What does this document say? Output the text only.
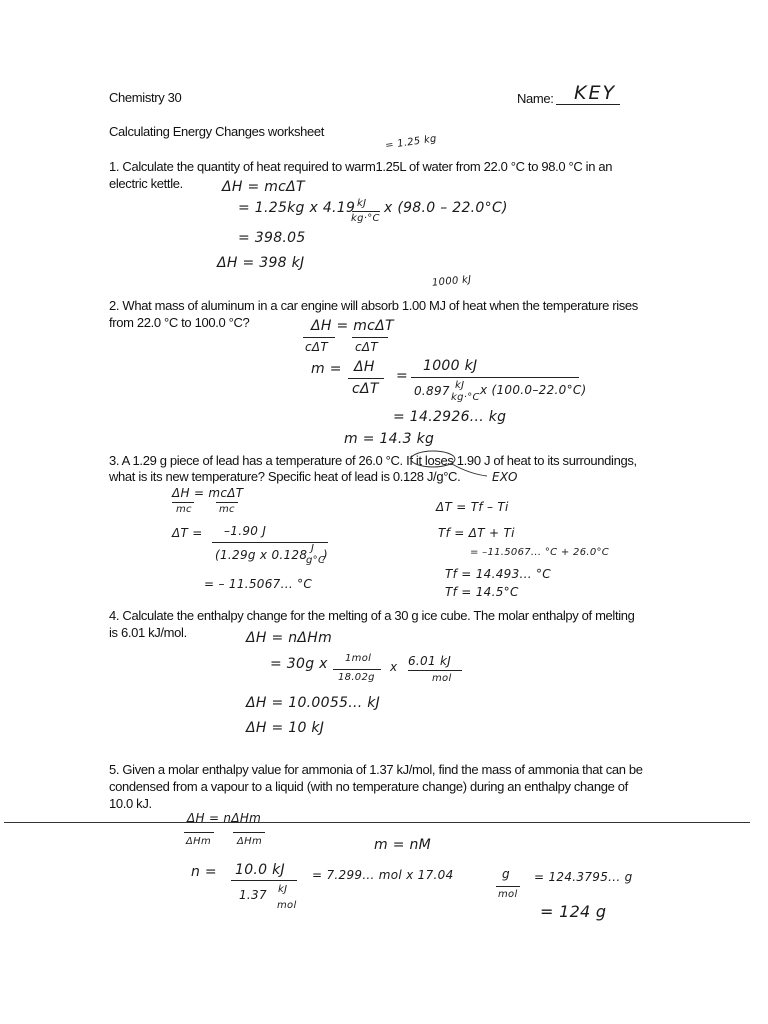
Chemistry 30	Name: KEY
Calculating Energy Changes worksheet
= 1.25 kg
1. Calculate the quantity of heat required to warm1.25L of water from 22.0 °C to 98.0 °C in an
electric kettle.	ΔH = mcΔT
= 1.25kg x 4.19 kJ
kg·°C
x (98.0 – 22.0°C)
= 398.05
ΔH = 398 kJ
1000 kJ
2. What mass of aluminum in a car engine will absorb 1.00 MJ of heat when the temperature rises
from 22.0 °C to 100.0 °C?	ΔH = mcΔT
cΔT cΔT
m = ΔH
cΔT
=
1000 kJ
0.897 kJ
kg·°C
x (100.0–22.0°C)
= 14.2926... kg
m = 14.3 kg
3. A 1.29 g piece of lead has a temperature of 26.0 °C. If it loses 1.90 J of heat to its surroundings,
what is its new temperature? Specific heat of lead is 0.128 J/g°C.	EXO
ΔH = mcΔT
mc	mc
ΔT = –1.90 J
(1.29g x 0.128 J
g°C
)
= – 11.5067... °C
ΔT = Tf – Ti
Tf = ΔT + Ti
= –11.5067... °C + 26.0°C
Tf = 14.493... °C
Tf = 14.5°C
4. Calculate the enthalpy change for the melting of a 30 g ice cube. The molar enthalpy of melting
is 6.01 kJ/mol.	ΔH = nΔHm
= 30g x 1mol
18.02g
x 6.01 kJ
mol
ΔH = 10.0055... kJ
ΔH = 10 kJ
5. Given a molar enthalpy value for ammonia of 1.37 kJ/mol, find the mass of ammonia that can be
condensed from a vapour to a liquid (with no temperature change) during an enthalpy change of
10.0 kJ.
ΔH = nΔHm
ΔHm	ΔHm	m = nM
n = 10.0 kJ
1.37 kJ
mol
= 7.299... mol x 17.04	g
mol
= 124.3795... g
= 124 g
